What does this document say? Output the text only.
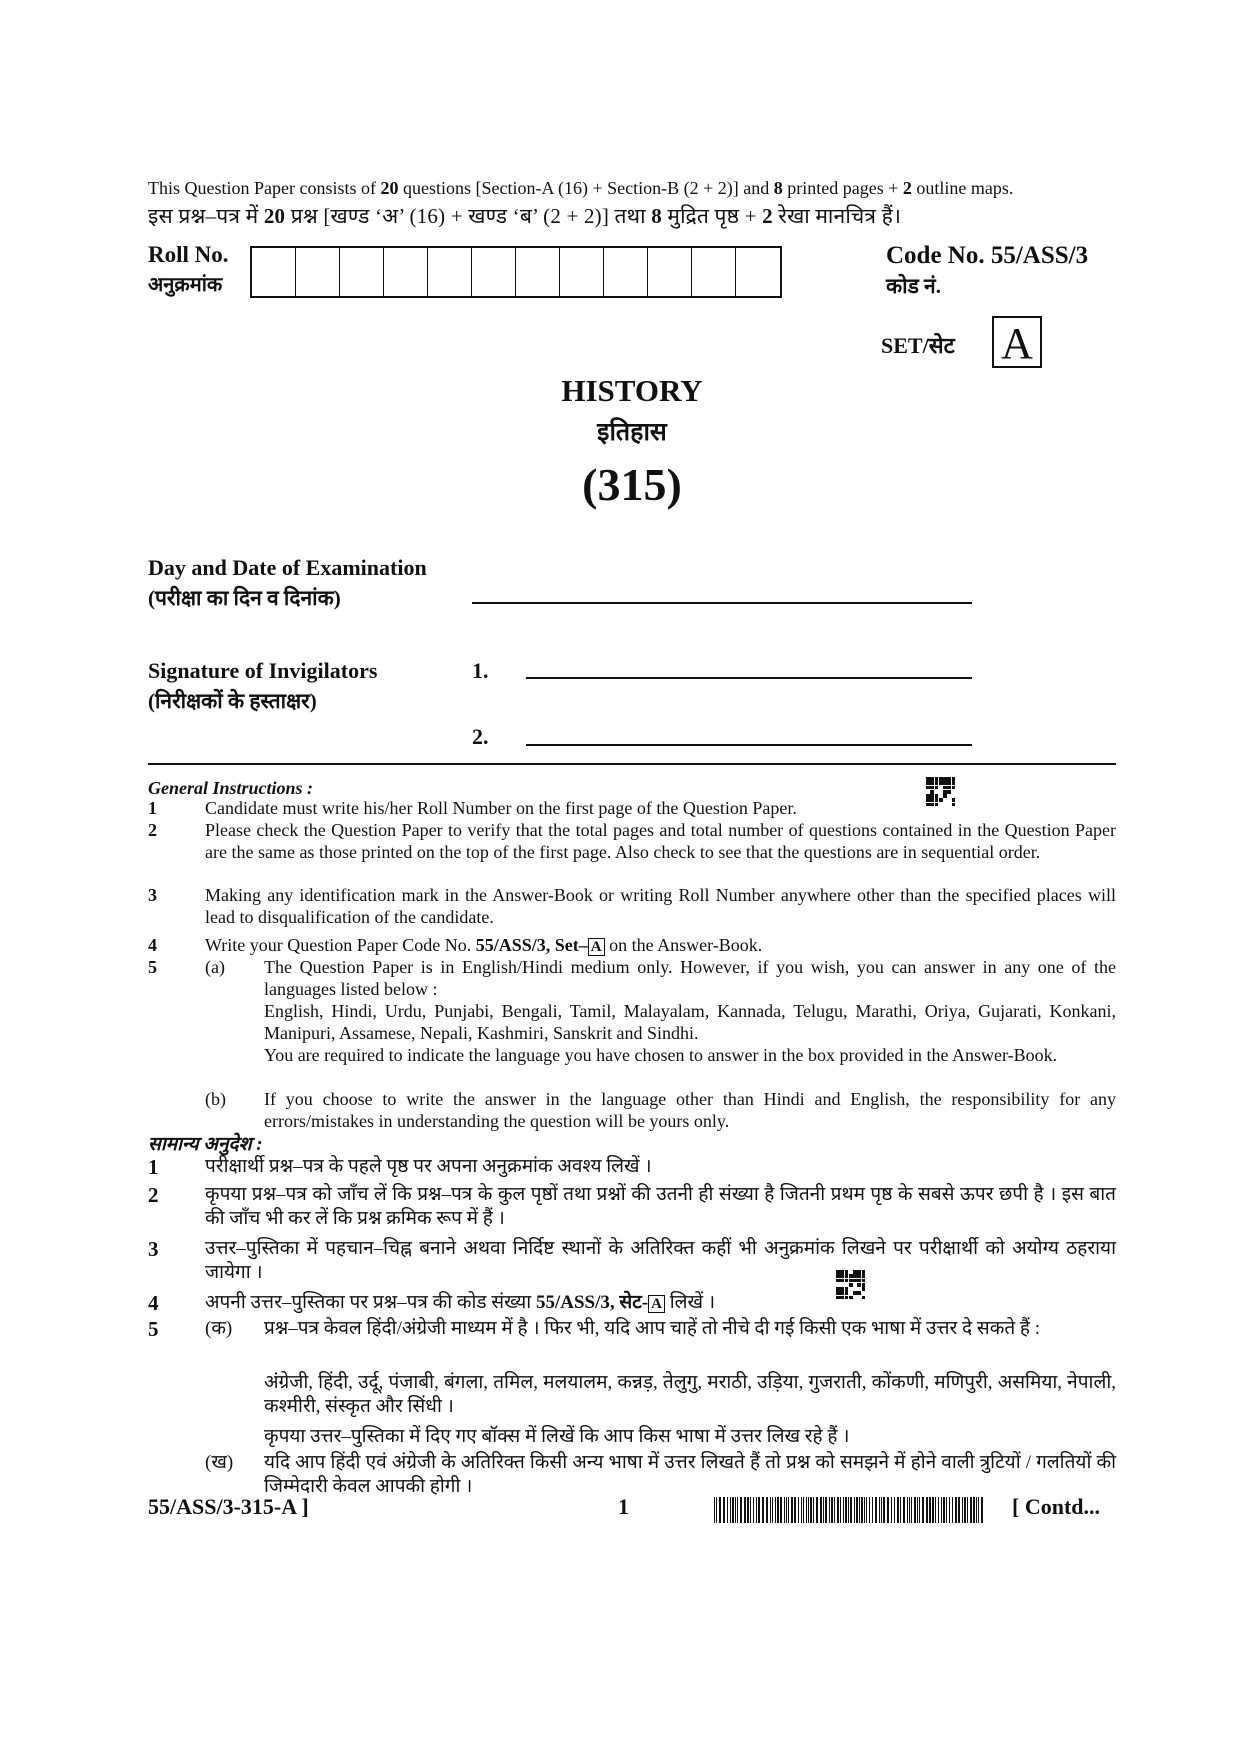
This Question Paper consists of 20 questions [Section-A (16) + Section-B (2 + 2)] and 8 printed pages + 2 outline maps.
इस प्रश्न–पत्र में 20 प्रश्न [खण्ड ‘अ’ (16) + खण्ड ‘ब’ (2 + 2)] तथा 8 मुद्रित पृष्ठ + 2 रेखा मानचित्र हैं।
Roll No.
अनुक्रमांक
Code No. 55/ASS/3
कोड नं.
SET/सेट A
HISTORY
इतिहास
(315)
Day and Date of Examination
(परीक्षा का दिन व दिनांक)
Signature of Invigilators
(निरीक्षकों के हस्ताक्षर)
1.
2.
General Instructions :
1	Candidate must write his/her Roll Number on the first page of the Question Paper.
2	Please check the Question Paper to verify that the total pages and total number of questions contained in the Question Paper are the same as those printed on the top of the first page. Also check to see that the questions are in sequential order.
3	Making any identification mark in the Answer-Book or writing Roll Number anywhere other than the specified places will lead to disqualification of the candidate.
4	Write your Question Paper Code No. 55/ASS/3, Set– A on the Answer-Book.
5	(a) The Question Paper is in English/Hindi medium only. However, if you wish, you can answer in any one of the languages listed below :
English, Hindi, Urdu, Punjabi, Bengali, Tamil, Malayalam, Kannada, Telugu, Marathi, Oriya, Gujarati, Konkani, Manipuri, Assamese, Nepali, Kashmiri, Sanskrit and Sindhi.
You are required to indicate the language you have chosen to answer in the box provided in the Answer-Book.
(b) If you choose to write the answer in the language other than Hindi and English, the responsibility for any errors/mistakes in understanding the question will be yours only.
सामान्य अनुदेश :
1 परीक्षार्थी प्रश्न–पत्र के पहले पृष्ठ पर अपना अनुक्रमांक अवश्य लिखें ।
2 कृपया प्रश्न–पत्र को जाँच लें कि प्रश्न–पत्र के कुल पृष्ठों तथा प्रश्नों की उतनी ही संख्या है जितनी प्रथम पृष्ठ के सबसे ऊपर छपी है । इस बात की जाँच भी कर लें कि प्रश्न क्रमिक रूप में हैं ।
3 उत्तर–पुस्तिका में पहचान–चिह्न बनाने अथवा निर्दिष्ट स्थानों के अतिरिक्त कहीं भी अनुक्रमांक लिखने पर परीक्षार्थी को अयोग्य ठहराया जायेगा ।
4 अपनी उत्तर–पुस्तिका पर प्रश्न–पत्र की कोड संख्या 55/ASS/3, सेट- A लिखें ।
5 (क) प्रश्न–पत्र केवल हिंदी/अंग्रेजी माध्यम में है । फिर भी, यदि आप चाहें तो नीचे दी गई किसी एक भाषा में उत्तर दे सकते हैं :
अंग्रेजी, हिंदी, उर्दू, पंजाबी, बंगला, तमिल, मलयालम, कन्नड़, तेलुगु, मराठी, उड़िया, गुजराती, कोंकणी, मणिपुरी, असमिया, नेपाली, कश्मीरी, संस्कृत और सिंधी ।
कृपया उत्तर–पुस्तिका में दिए गए बॉक्स में लिखें कि आप किस भाषा में उत्तर लिख रहे हैं ।
(ख) यदि आप हिंदी एवं अंग्रेजी के अतिरिक्त किसी अन्य भाषा में उत्तर लिखते हैं तो प्रश्न को समझने में होने वाली त्रुटियों / गलतियों की जिम्मेदारी केवल आपकी होगी ।
55/ASS/3-315-A ]	1	[ Contd...
